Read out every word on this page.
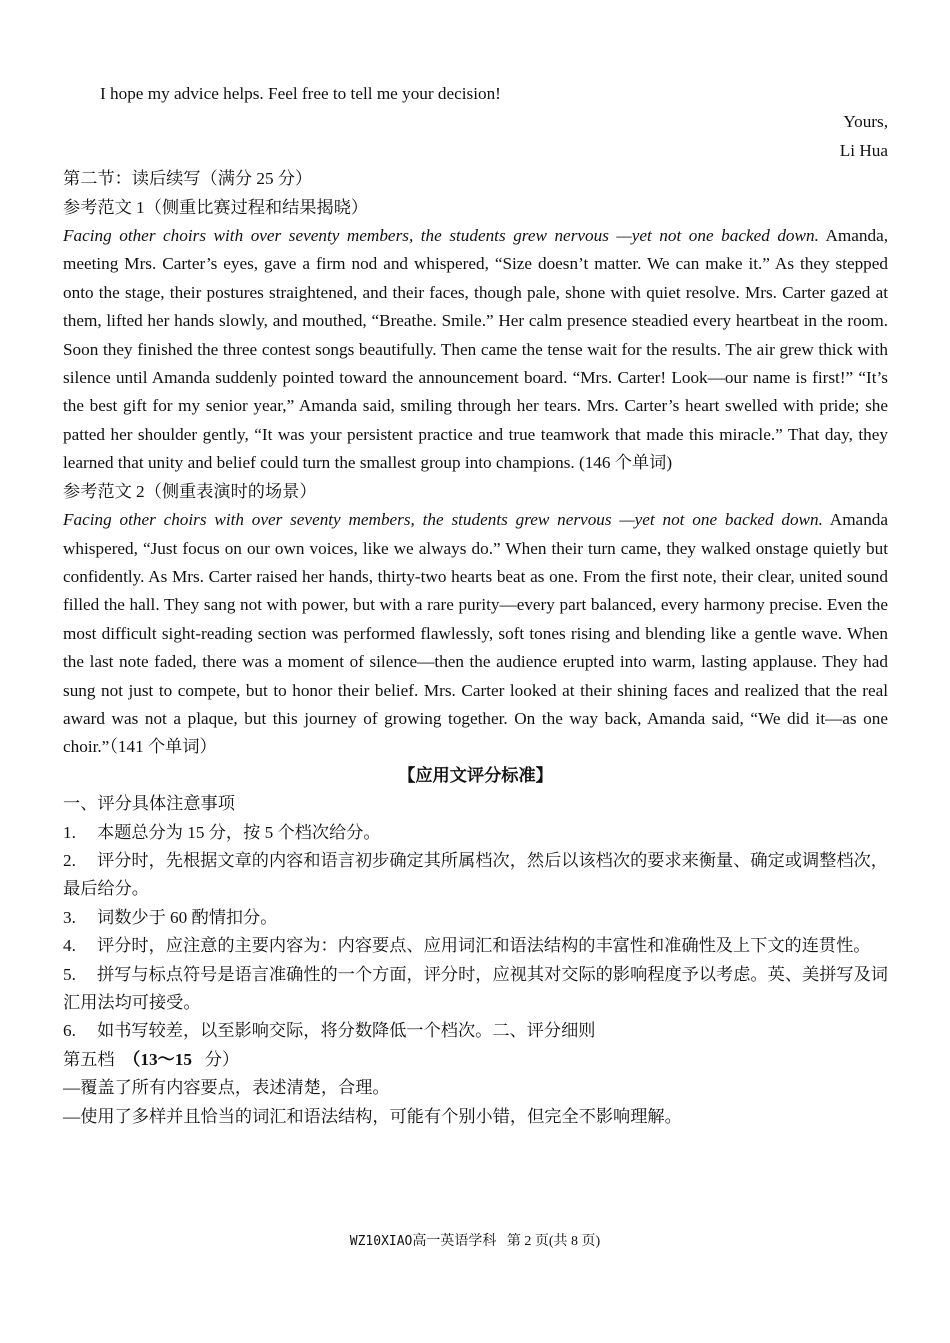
I hope my advice helps. Feel free to tell me your decision!

Yours,

Li Hua

第二节：读后续写（满分 25 分）

参考范文 1（侧重比赛过程和结果揭晓）

Facing other choirs with over seventy members, the students grew nervous —yet not one backed down. Amanda, meeting Mrs. Carter’s eyes, gave a firm nod and whispered, “Size doesn’t matter. We can make it.” As they stepped onto the stage, their postures straightened, and their faces, though pale, shone with quiet resolve. Mrs. Carter gazed at them, lifted her hands slowly, and mouthed, “Breathe. Smile.” Her calm presence steadied every heartbeat in the room. Soon they finished the three contest songs beautifully. Then came the tense wait for the results. The air grew thick with silence until Amanda suddenly pointed toward the announcement board. “Mrs. Carter! Look—our name is first!” “It’s the best gift for my senior year,” Amanda said, smiling through her tears. Mrs. Carter’s heart swelled with pride; she patted her shoulder gently, “It was your persistent practice and true teamwork that made this miracle.” That day, they learned that unity and belief could turn the smallest group into champions. (146 个单词)

参考范文 2（侧重表演时的场景）

Facing other choirs with over seventy members, the students grew nervous —yet not one backed down. Amanda whispered, “Just focus on our own voices, like we always do.” When their turn came, they walked onstage quietly but confidently. As Mrs. Carter raised her hands, thirty-two hearts beat as one. From the first note, their clear, united sound filled the hall. They sang not with power, but with a rare purity—every part balanced, every harmony precise. Even the most difficult sight-reading section was performed flawlessly, soft tones rising and blending like a gentle wave. When the last note faded, there was a moment of silence—then the audience erupted into warm, lasting applause. They had sung not just to compete, but to honor their belief. Mrs. Carter looked at their shining faces and realized that the real award was not a plaque, but this journey of growing together. On the way back, Amanda said, “We did it—as one choir.”（141 个单词）

【应用文评分标准】

一、评分具体注意事项

1. 本题总分为 15 分，按 5 个档次给分。

2. 评分时，先根据文章的内容和语言初步确定其所属档次，然后以该档次的要求来衡量、确定或调整档次，最后给分。

3. 词数少于 60 酌情扣分。

4. 评分时，应注意的主要内容为：内容要点、应用词汇和语法结构的丰富性和准确性及上下文的连贯性。

5. 拼写与标点符号是语言准确性的一个方面，评分时，应视其对交际的影响程度予以考虑。英、美拼写及词汇用法均可接受。

6. 如书写较差，以至影响交际，将分数降低一个档次。二、评分细则

第五档 （13～15 分）

—覆盖了所有内容要点，表述清楚，合理。

—使用了多样并且恰当的词汇和语法结构，可能有个别小错，但完全不影响理解。

WZ10XIAO高一英语学科 第 2 页(共 8 页)
